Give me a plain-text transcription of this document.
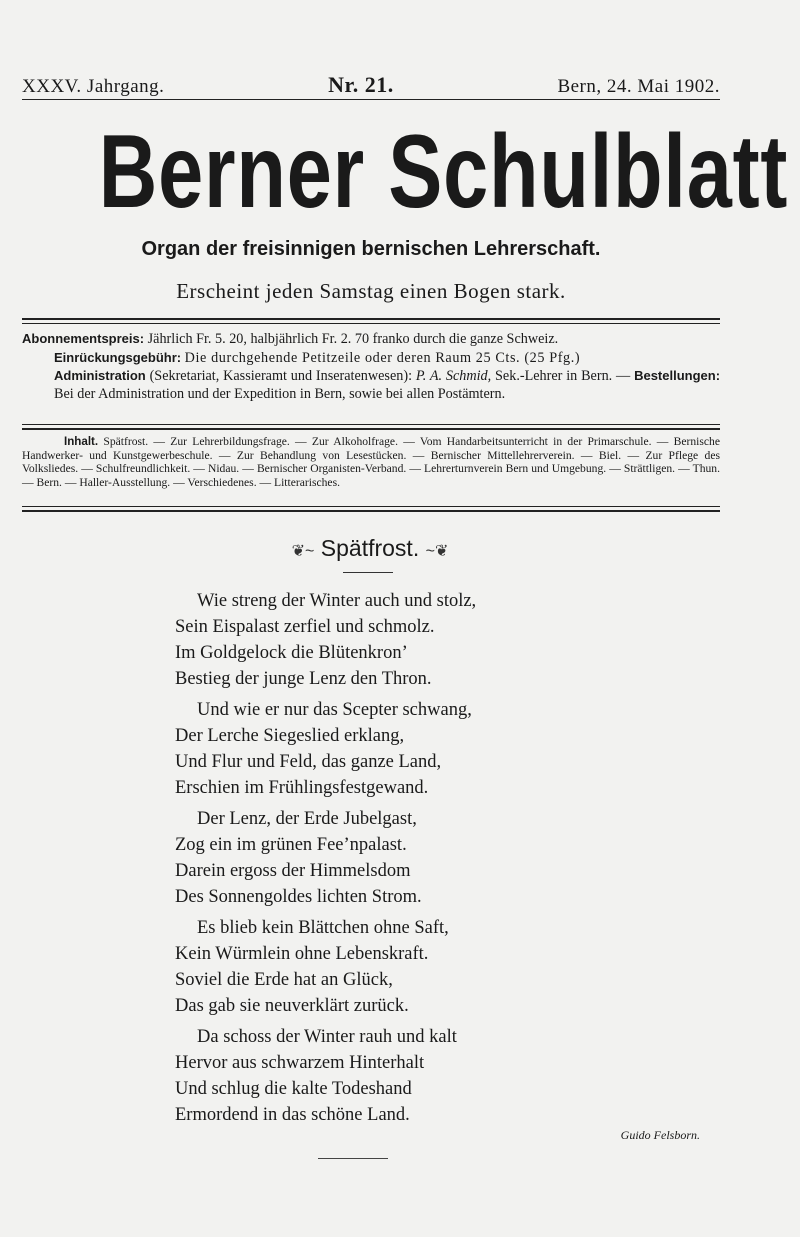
XXXV. Jahrgang.	Nr. 21.	Bern, 24. Mai 1902.
Berner Schulblatt
Organ der freisinnigen bernischen Lehrerschaft.
Erscheint jeden Samstag einen Bogen stark.
Abonnementspreis: Jährlich Fr. 5. 20, halbjährlich Fr. 2. 70 franko durch die ganze Schweiz.
Einrückungsgebühr: Die durchgehende Petitzeile oder deren Raum 25 Cts. (25 Pfg.)
Administration (Sekretariat, Kassieramt und Inseratenwesen): P. A. Schmid, Sek.-Lehrer in Bern. — Bestellungen: Bei der Administration und der Expedition in Bern, sowie bei allen Postämtern.
Inhalt. Spätfrost. — Zur Lehrerbildungsfrage. — Zur Alkoholfrage. — Vom Handarbeitsunterricht in der Primarschule. — Bernische Handwerker- und Kunstgewerbeschule. — Zur Behandlung von Lesestücken. — Bernischer Mittellehrerverein. — Biel. — Zur Pflege des Volksliedes. — Schulfreundlichkeit. — Nidau. — Bernischer Organisten-Verband. — Lehrerturnverein Bern und Umgebung. — Strättligen. — Thun. — Bern. — Haller-Ausstellung. — Verschiedenes. — Litterarisches.
❦~ Spätfrost. ~❦
Wie streng der Winter auch und stolz,
Sein Eispalast zerfiel und schmolz.
Im Goldgelock die Blütenkron’
Bestieg der junge Lenz den Thron.
Und wie er nur das Scepter schwang,
Der Lerche Siegeslied erklang,
Und Flur und Feld, das ganze Land,
Erschien im Frühlingsfestgewand.
Der Lenz, der Erde Jubelgast,
Zog ein im grünen Fee’npalast.
Darein ergoss der Himmelsdom
Des Sonnengoldes lichten Strom.
Es blieb kein Blättchen ohne Saft,
Kein Würmlein ohne Lebenskraft.
Soviel die Erde hat an Glück,
Das gab sie neuverklärt zurück.
Da schoss der Winter rauh und kalt
Hervor aus schwarzem Hinterhalt
Und schlug die kalte Todeshand
Ermordend in das schöne Land.
Guido Felsborn.
